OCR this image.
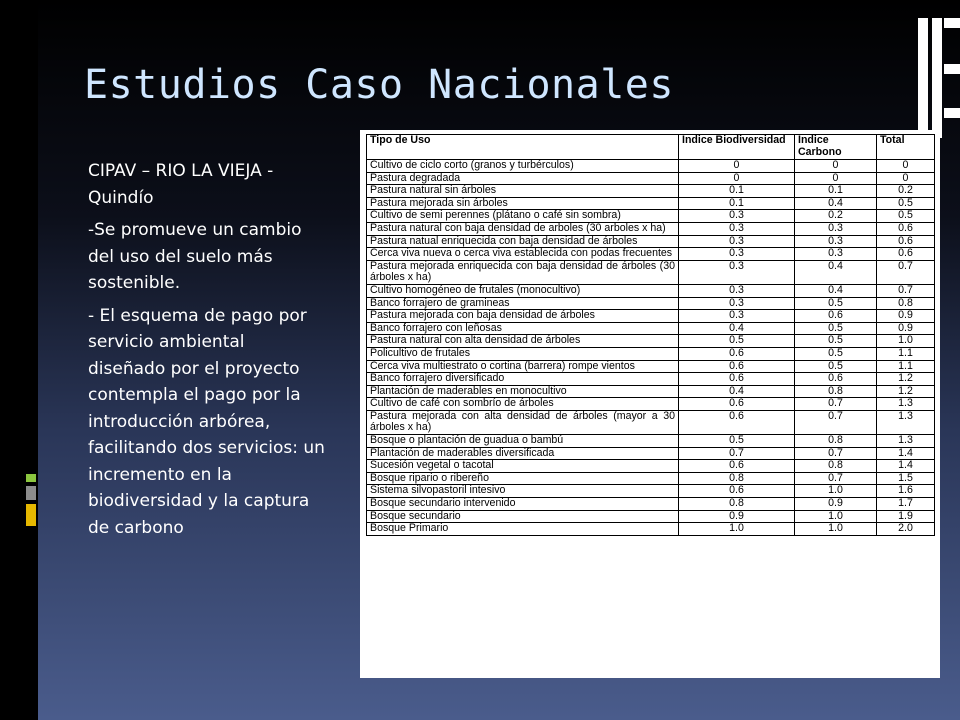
Estudios Caso Nacionales

CIPAV – RIO LA VIEJA - Quindío

-Se promueve un cambio del uso del suelo más sostenible.

- El esquema de pago por servicio ambiental diseñado por el proyecto contempla el pago por la introducción arbórea, facilitando dos servicios: un incremento en la biodiversidad y la captura de carbono

Tipo de Uso	Indice Biodiversidad	Indice Carbono	Total
Cultivo de ciclo corto (granos y turbérculos)	0	0	0
Pastura degradada	0	0	0
Pastura natural sin árboles	0.1	0.1	0.2
Pastura mejorada sin árboles	0.1	0.4	0.5
Cultivo de semi perennes (plátano o café sin sombra)	0.3	0.2	0.5
Pastura natural con baja densidad de arboles (30 arboles x ha)	0.3	0.3	0.6
Pastura natual enriquecida con baja densidad de árboles	0.3	0.3	0.6
Cerca viva nueva o cerca viva establecida con podas frecuentes	0.3	0.3	0.6
Pastura mejorada enriquecida con baja densidad de árboles (30 árboles x ha)	0.3	0.4	0.7
Cultivo homogéneo de frutales (monocultivo)	0.3	0.4	0.7
Banco forrajero de gramineas	0.3	0.5	0.8
Pastura mejorada con baja densidad de árboles	0.3	0.6	0.9
Banco forrajero con leñosas	0.4	0.5	0.9
Pastura natural con alta densidad de árboles	0.5	0.5	1.0
Policultivo de frutales	0.6	0.5	1.1
Cerca viva multiestrato o cortina (barrera) rompe vientos	0.6	0.5	1.1
Banco forrajero diversificado	0.6	0.6	1.2
Plantación de maderables en monocultivo	0.4	0.8	1.2
Cultivo de café con sombrío de árboles	0.6	0.7	1.3
Pastura mejorada con alta densidad de árboles (mayor a 30 árboles x ha)	0.6	0.7	1.3
Bosque o plantación de guadua o bambú	0.5	0.8	1.3
Plantación de maderables diversificada	0.7	0.7	1.4
Sucesión vegetal o tacotal	0.6	0.8	1.4
Bosque ripario o ribereño	0.8	0.7	1.5
Sistema silvopastoril intesivo	0.6	1.0	1.6
Bosque secundario intervenido	0.8	0.9	1.7
Bosque secundario	0.9	1.0	1.9
Bosque Primario	1.0	1.0	2.0
